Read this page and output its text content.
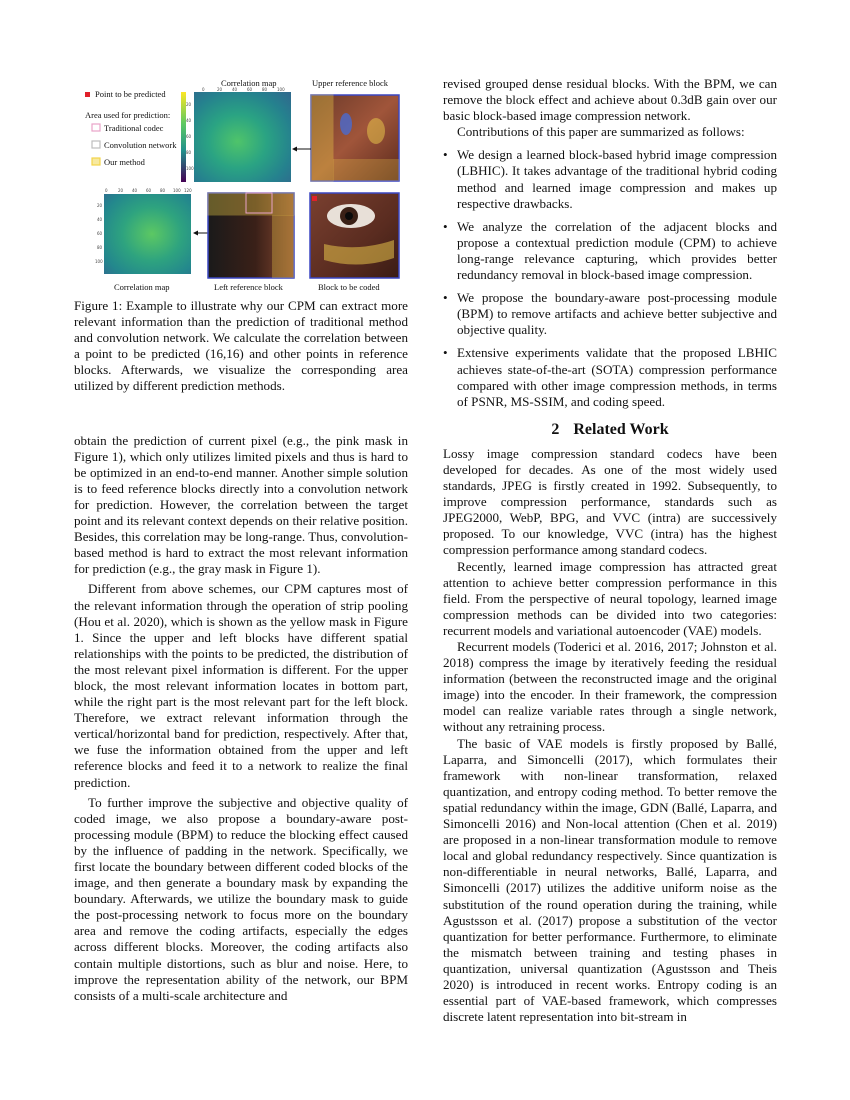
Point to be predicted
Area used for prediction:
Traditional codec
Convolution network
Our method
Correlation map
20
40
60
80
100
0	20 40 60 80 100
Upper reference block
0	20 40 60 80 100 120
20
40
60
80
100
Correlation map	Left reference block	Block to be coded

Figure 1: Example to illustrate why our CPM can extract more relevant information than the prediction of traditional method and convolution network. We calculate the correlation between a point to be predicted (16,16) and other points in reference blocks. Afterwards, we visualize the corresponding area utilized by different prediction methods.

obtain the prediction of current pixel (e.g., the pink mask in Figure 1), which only utilizes limited pixels and thus is hard to be optimized in an end-to-end manner. Another simple solution is to feed reference blocks directly into a convolution network for prediction. However, the correlation between the target point and its relevant context depends on their relative position. Besides, this correlation may be long-range. Thus, convolution-based method is hard to extract the most relevant information for prediction (e.g., the gray mask in Figure 1).

Different from above schemes, our CPM captures most of the relevant information through the operation of strip pooling (Hou et al. 2020), which is shown as the yellow mask in Figure 1. Since the upper and left blocks have different spatial relationships with the points to be predicted, the distribution of the most relevant pixel information is different. For the upper block, the most relevant information locates in bottom part, while the right part is the most relevant part for the left block. Therefore, we extract relevant information through the vertical/horizontal band for prediction, respectively. After that, we fuse the information obtained from the upper and left reference blocks and feed it to a network to realize the final prediction.

To further improve the subjective and objective quality of coded image, we also propose a boundary-aware post-processing module (BPM) to reduce the blocking effect caused by the influence of padding in the network. Specifically, we first locate the boundary between different coded blocks of the image, and then generate a boundary mask by expanding the boundary. Afterwards, we utilize the boundary mask to guide the post-processing network to focus more on the boundary area and remove the coding artifacts, especially the edges across different blocks. Moreover, the coding artifacts also contain multiple distortions, such as blur and noise. Here, to improve the representation ability of the network, our BPM consists of a multi-scale architecture and

revised grouped dense residual blocks. With the BPM, we can remove the block effect and achieve about 0.3dB gain over our basic block-based image compression network.

Contributions of this paper are summarized as follows:

• We design a learned block-based hybrid image compression (LBHIC). It takes advantage of the traditional hybrid coding method and learned image compression and makes up respective drawbacks.
• We analyze the correlation of the adjacent blocks and propose a contextual prediction module (CPM) to achieve long-range relevance capturing, which provides better redundancy removal in block-based image compression.
• We propose the boundary-aware post-processing module (BPM) to remove artifacts and achieve better subjective and objective quality.
• Extensive experiments validate that the proposed LBHIC achieves state-of-the-art (SOTA) compression performance compared with other image compression methods, in terms of PSNR, MS-SSIM, and coding speed.
2 Related Work

Lossy image compression standard codecs have been developed for decades. As one of the most widely used standards, JPEG is firstly created in 1992. Subsequently, to improve compression performance, standards such as JPEG2000, WebP, BPG, and VVC (intra) are successively proposed. To our knowledge, VVC (intra) has the highest compression performance among standard codecs.

Recently, learned image compression has attracted great attention to achieve better compression performance in this field. From the perspective of neural topology, learned image compression methods can be divided into two categories: recurrent models and variational autoencoder (VAE) models.

Recurrent models (Toderici et al. 2016, 2017; Johnston et al. 2018) compress the image by iteratively feeding the residual information (between the reconstructed image and the original image) into the encoder. In their framework, the compression model can realize variable rates through a single network, without any retraining process.

The basic of VAE models is firstly proposed by Ballé, Laparra, and Simoncelli (2017), which formulates their framework with non-linear transformation, relaxed quantization, and entropy coding method. To better remove the spatial redundancy within the image, GDN (Ballé, Laparra, and Simoncelli 2016) and Non-local attention (Chen et al. 2019) are proposed in a non-linear transformation module to remove local and global redundancy respectively. Since quantization is non-differentiable in neural networks, Ballé, Laparra, and Simoncelli (2017) utilizes the additive uniform noise as the substitution of the round operation during the training, while Agustsson et al. (2017) propose a substitution of the vector quantization for better performance. Furthermore, to eliminate the mismatch between training and testing phases in quantization, universal quantization (Agustsson and Theis 2020) is introduced in recent works. Entropy coding is an essential part of VAE-based framework, which compresses discrete latent representation into bit-stream in
